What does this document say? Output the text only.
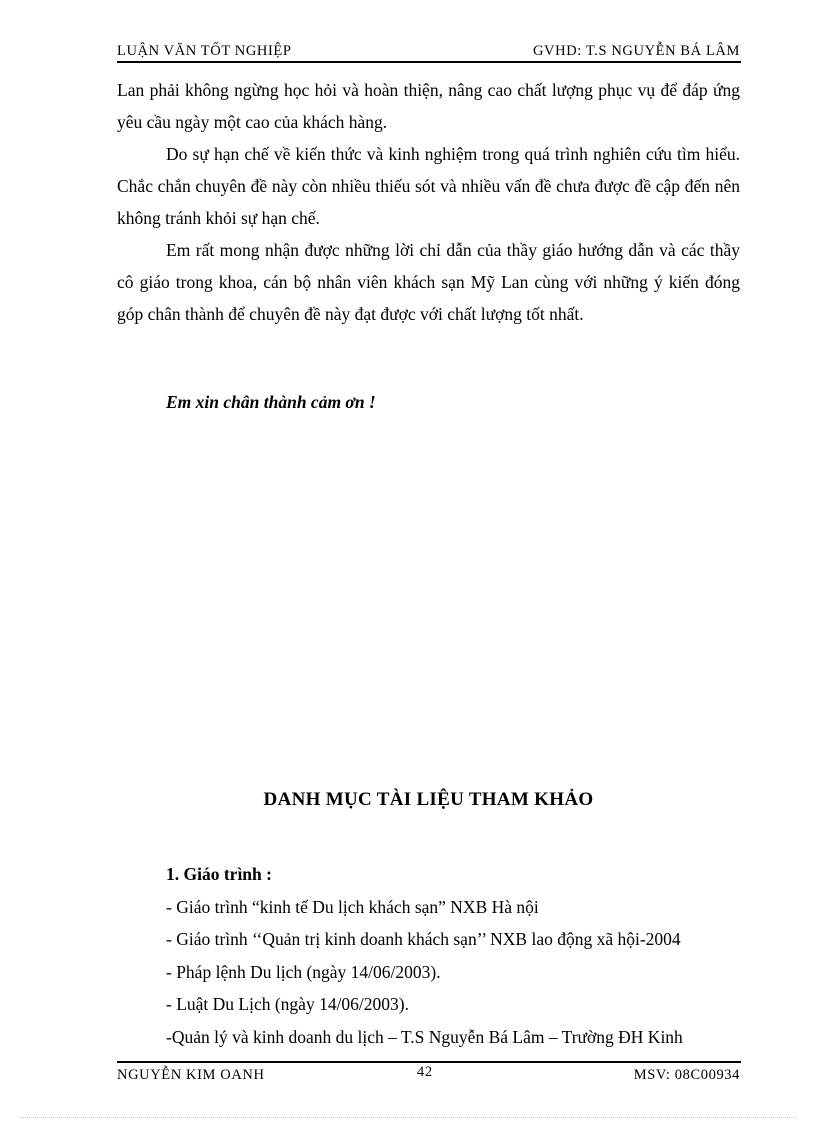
LUẬN VĂN TỐT NGHIỆP	GVHD: T.S NGUYỄN BÁ LÂM

Lan phải không ngừng học hỏi và hoàn thiện, nâng cao chất lượng phục vụ để đáp ứng yêu cầu ngày một cao của khách hàng.

Do sự hạn chế về kiến thức và kinh nghiệm trong quá trình nghiên cứu tìm hiểu. Chắc chắn chuyên đề này còn nhiều thiếu sót và nhiều vấn đề chưa được đề cập đến nên không tránh khỏi sự hạn chế.

Em rất mong nhận được những lời chỉ dẫn của thầy giáo hướng dẫn và các thầy cô giáo trong khoa, cán bộ nhân viên khách sạn Mỹ Lan cùng với những ý kiến đóng góp chân thành để chuyên đề này đạt được với chất lượng tốt nhất.

Em xin chân thành cảm ơn !
DANH MỤC TÀI LIỆU THAM KHẢO
1. Giáo trình :
- Giáo trình “kinh tế Du lịch khách sạn” NXB Hà nội
- Giáo trình ‘‘Quản trị kinh doanh khách sạn’’ NXB lao động xã hội-2004
- Pháp lệnh Du lịch (ngày 14/06/2003).
- Luật Du Lịch (ngày 14/06/2003).
-Quản lý và kinh doanh du lịch – T.S Nguyễn Bá Lâm – Trường ĐH Kinh
NGUYỄN KIM OANH	42	MSV: 08C00934
